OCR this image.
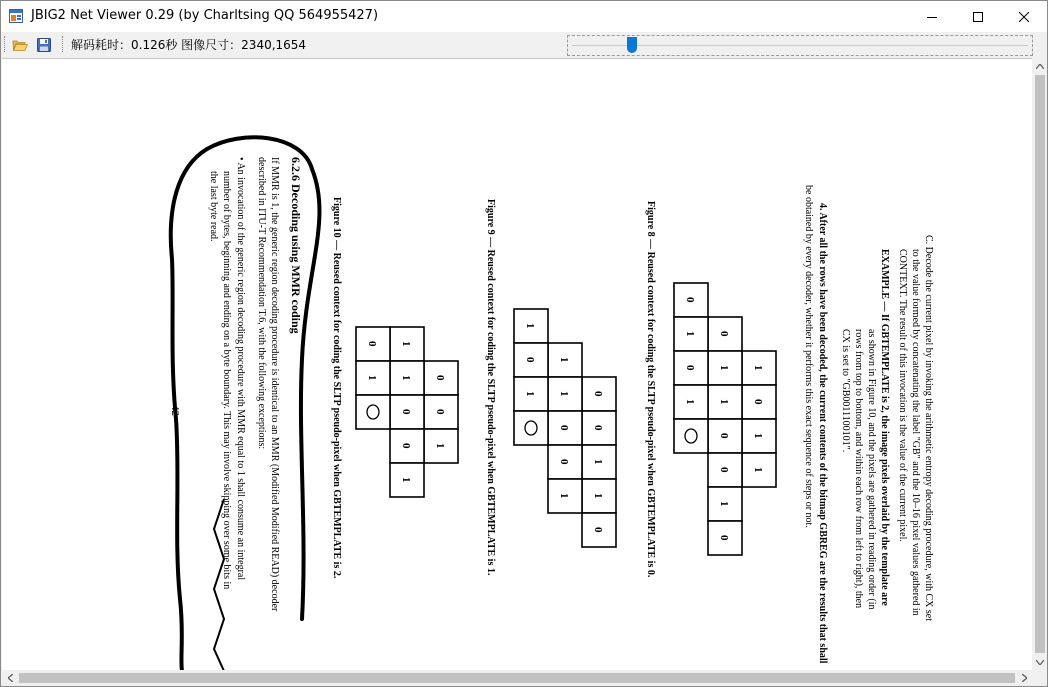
JBIG2 Net Viewer 0.29 (by Charltsing QQ 564955427)
解码耗时：0.126秒 图像尺寸：2340,1654
C. Decode the current pixel by invoking the arithmetic entropy decoding procedure, with CX set
to the value formed by concatenating the label "GB" and the 10–16 pixel values gathered in
CONTEXT. The result of this invocation is the value of the current pixel.
EXAMPLE — If GBTEMPLATE is 2, the image pixels overlaid by the template are
as shown in Figure 10, and the pixels are gathered in reading order (in
rows from top to bottom, and within each row from left to right), then
CX is set to "GB0011100101".
4. After all the rows have been decoded, the current contents of the bitmap GBREG are the results that shall
be obtained by every decoder, whether it performs this exact sequence of steps or not.
1
0
1
1
0
1
1
0
0
1
0
0
1
0
1
0
0
1
1
0
1
1
0
0
1
1
0
1
0
0
1
1
1
0
0
1
0
1	Figure 8 — Reused context for coding the SLTP pseudo-pixel when GBTEMPLATE is 0.
Figure 9 — Reused context for coding the SLTP pseudo-pixel when GBTEMPLATE is 1.
Figure 10 — Reused context for coding the SLTP pseudo-pixel when GBTEMPLATE is 2.
42
6.2.6 Decoding using MMR coding
If MMR is 1, the generic region decoding procedure is identical to an MMR (Modified Modified READ) decoder
described in ITU-T Recommendation T.6, with the following exceptions:
• An invocation of the generic region decoding procedure with MMR equal to 1 shall consume an integral
number of bytes, beginning and ending on a byte boundary. This may involve skipping over some bits in
the last byte read.
